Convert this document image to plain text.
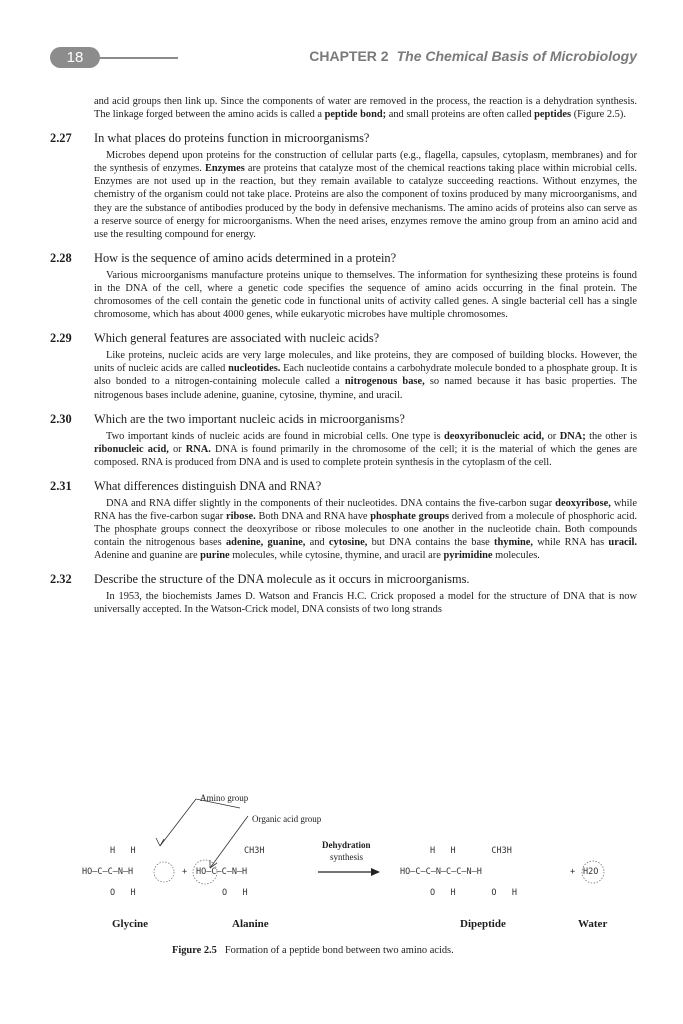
18	CHAPTER 2 The Chemical Basis of Microbiology

and acid groups then link up. Since the components of water are removed in the process, the reaction is a dehydration synthesis. The linkage forged between the amino acids is called a peptide bond; and small proteins are often called peptides (Figure 2.5).

2.27 In what places do proteins function in microorganisms?

Microbes depend upon proteins for the construction of cellular parts (e.g., flagella, capsules, cytoplasm, membranes) and for the synthesis of enzymes. Enzymes are proteins that catalyze most of the chemical reactions taking place within microbial cells. Enzymes are not used up in the reaction, but they remain available to catalyze succeeding reactions. Without enzymes, the chemistry of the organism could not take place. Proteins are also the component of toxins produced by many microorganisms, and they are the substance of antibodies produced by the body in defensive mechanisms. The amino acids of proteins also can serve as a reserve source of energy for microorganisms. When the need arises, enzymes remove the amino group from an amino acid and use the resulting compound for energy.

2.28 How is the sequence of amino acids determined in a protein?

Various microorganisms manufacture proteins unique to themselves. The information for synthesizing these proteins is found in the DNA of the cell, where a genetic code specifies the sequence of amino acids occurring in the final protein. The chromosomes of the cell contain the genetic code in functional units of activity called genes. A single bacterial cell has a single chromosome, which has about 4000 genes, while eukaryotic microbes have multiple chromosomes.

2.29 Which general features are associated with nucleic acids?

Like proteins, nucleic acids are very large molecules, and like proteins, they are composed of building blocks. However, the units of nucleic acids are called nucleotides. Each nucleotide contains a carbohydrate molecule bonded to a phosphate group. It is also bonded to a nitrogen-containing molecule called a nitrogenous base, so named because it has basic properties. The nitrogenous bases include adenine, guanine, cytosine, thymine, and uracil.

2.30 Which are the two important nucleic acids in microorganisms?

Two important kinds of nucleic acids are found in microbial cells. One type is deoxyribonucleic acid, or DNA; the other is ribonucleic acid, or RNA. DNA is found primarily in the chromosome of the cell; it is the material of which the genes are composed. RNA is produced from DNA and is used to complete protein synthesis in the cytoplasm of the cell.

2.31 What differences distinguish DNA and RNA?

DNA and RNA differ slightly in the components of their nucleotides. DNA contains the five-carbon sugar deoxyribose, while RNA has the five-carbon sugar ribose. Both DNA and RNA have phosphate groups derived from a molecule of phosphoric acid. The phosphate groups connect the deoxyribose or ribose molecules to one another in the nucleotide chain. Both compounds contain the nitrogenous bases adenine, guanine, and cytosine, but DNA contains the base thymine, while RNA has uracil. Adenine and guanine are purine molecules, while cytosine, thymine, and uracil are pyrimidine molecules.

2.32 Describe the structure of the DNA molecule as it occurs in microorganisms.

In 1953, the biochemists James D. Watson and Francis H.C. Crick proposed a model for the structure of DNA that is now universally accepted. In the Watson-Crick model, DNA consists of two long strands

Amino group
Organic acid group
Dehydration
synthesis
H   H
HO–C–C–N–H
O   H
+
CH3H
HO–C–C–N–H
O   H
H   H       CH3H
HO–C–C–N–C–C–N–H
O   H       O   H
+ H2O
Glycine	Alanine	Dipeptide	Water
Figure 2.5 Formation of a peptide bond between two amino acids.
